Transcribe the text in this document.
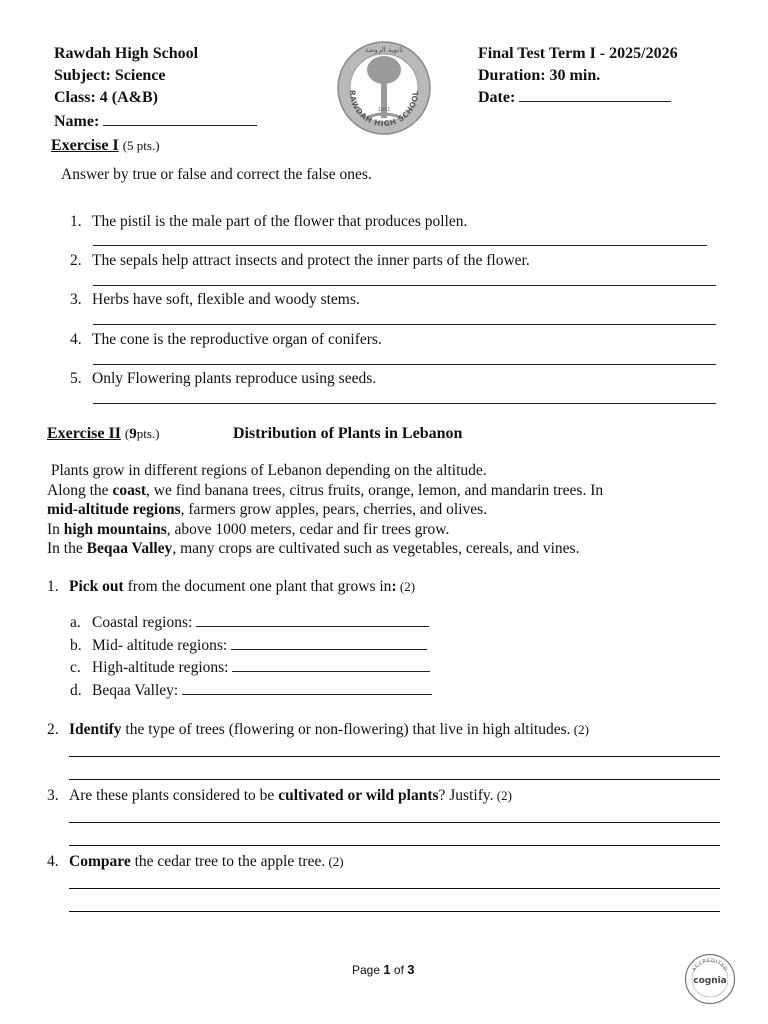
Rawdah High School
Subject: Science
Class: 4 (A&B)
Name:
RAWDAH HIGH SCHOOL
ثانوية الروضة
1961
Final Test Term I - 2025/2026
Duration: 30 min.
Date:
Exercise I (5 pts.)
Answer by true or false and correct the false ones.
1. The pistil is the male part of the flower that produces pollen.
2. The sepals help attract insects and protect the inner parts of the flower.
3. Herbs have soft, flexible and woody stems.
4. The cone is the reproductive organ of conifers.
5. Only Flowering plants reproduce using seeds.
Exercise II (9pts.)	Distribution of Plants in Lebanon
Plants grow in different regions of Lebanon depending on the altitude.
Along the coast, we find banana trees, citrus fruits, orange, lemon, and mandarin trees. In
mid-altitude regions, farmers grow apples, pears, cherries, and olives.
In high mountains, above 1000 meters, cedar and fir trees grow.
In the Beqaa Valley, many crops are cultivated such as vegetables, cereals, and vines.
1. Pick out from the document one plant that grows in: (2)
a. Coastal regions:
b. Mid- altitude regions:
c. High-altitude regions:
d. Beqaa Valley:
2. Identify the type of trees (flowering or non-flowering) that live in high altitudes. (2)
3. Are these plants considered to be cultivated or wild plants? Justify. (2)
4. Compare the cedar tree to the apple tree. (2)
Page 1 of 3	ACCREDITED
cognia
